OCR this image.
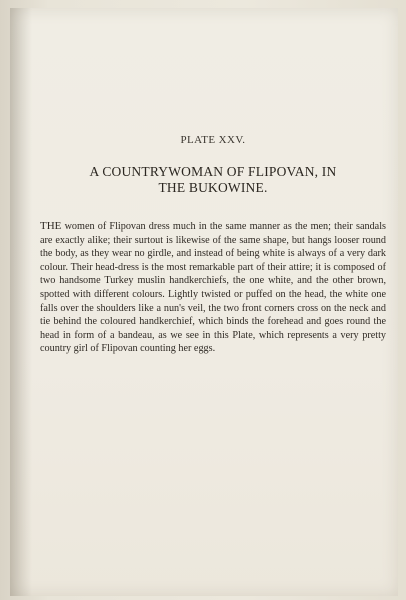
PLATE XXV.

A COUNTRYWOMAN OF FLIPOVAN, IN
THE BUKOWINE.

THE women of Flipovan dress much in the same manner as the men; their sandals are exactly alike; their surtout is likewise of the same shape, but hangs looser round the body, as they wear no girdle, and instead of being white is always of a very dark colour. Their head-dress is the most remarkable part of their attire; it is composed of two handsome Turkey muslin handkerchiefs, the one white, and the other brown, spotted with different colours. Lightly twisted or puffed on the head, the white one falls over the shoulders like a nun's veil, the two front corners cross on the neck and tie behind the coloured handkerchief, which binds the forehead and goes round the head in form of a bandeau, as we see in this Plate, which represents a very pretty country girl of Flipovan counting her eggs.
